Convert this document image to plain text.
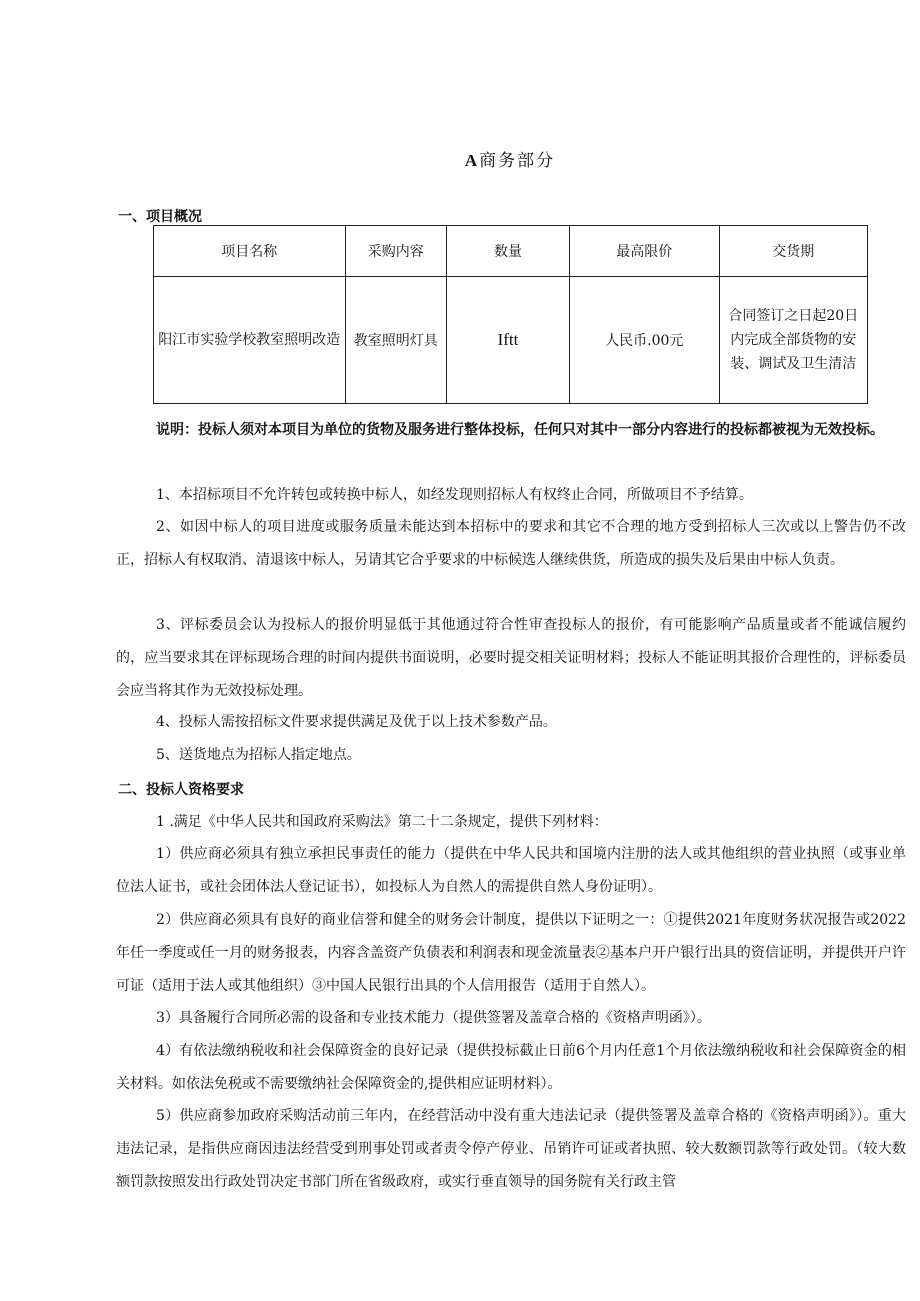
A商务部分
一、项目概况
项目名称	采购内容	数量	最高限价	交货期
阳江市实验学校教室照明改造	教室照明灯具	Iftt	人民币.00元	合同签订之日起20日内完成全部货物的安装、调试及卫生清洁
说明：投标人须对本项目为单位的货物及服务进行整体投标，任何只对其中一部分内容进行的投标都被视为无效投标。
1、本招标项目不允许转包或转换中标人，如经发现则招标人有权终止合同，所做项目不予结算。
2、如因中标人的项目进度或服务质量未能达到本招标中的要求和其它不合理的地方受到招标人三次或以上警告仍不改正，招标人有权取消、清退该中标人，另请其它合乎要求的中标候选人继续供货，所造成的损失及后果由中标人负责。
3、评标委员会认为投标人的报价明显低于其他通过符合性审查投标人的报价，有可能影响产品质量或者不能诚信履约的，应当要求其在评标现场合理的时间内提供书面说明，必要时提交相关证明材料；投标人不能证明其报价合理性的，评标委员会应当将其作为无效投标处理。
4、投标人需按招标文件要求提供满足及优于以上技术参数产品。
5、送货地点为招标人指定地点。
二、投标人资格要求
1 .满足《中华人民共和国政府采购法》第二十二条规定，提供下列材料：
1）供应商必须具有独立承担民事责任的能力（提供在中华人民共和国境内注册的法人或其他组织的营业执照（或事业单位法人证书，或社会团体法人登记证书），如投标人为自然人的需提供自然人身份证明）。
2）供应商必须具有良好的商业信誉和健全的财务会计制度，提供以下证明之一：①提供2021年度财务状况报告或2022年任一季度或任一月的财务报表，内容含盖资产负债表和利润表和现金流量表②基本户开户银行出具的资信证明，并提供开户许可证（适用于法人或其他组织）③中国人民银行出具的个人信用报告（适用于自然人）。
3）具备履行合同所必需的设备和专业技术能力（提供签署及盖章合格的《资格声明函》）。
4）有依法缴纳税收和社会保障资金的良好记录（提供投标截止日前6个月内任意1个月依法缴纳税收和社会保障资金的相关材料。如依法免税或不需要缴纳社会保障资金的,提供相应证明材料）。
5）供应商参加政府采购活动前三年内，在经营活动中没有重大违法记录（提供签署及盖章合格的《资格声明函》）。重大违法记录，是指供应商因违法经营受到刑事处罚或者责令停产停业、吊销许可证或者执照、较大数额罚款等行政处罚。（较大数额罚款按照发出行政处罚决定书部门所在省级政府，或实行垂直领导的国务院有关行政主管
